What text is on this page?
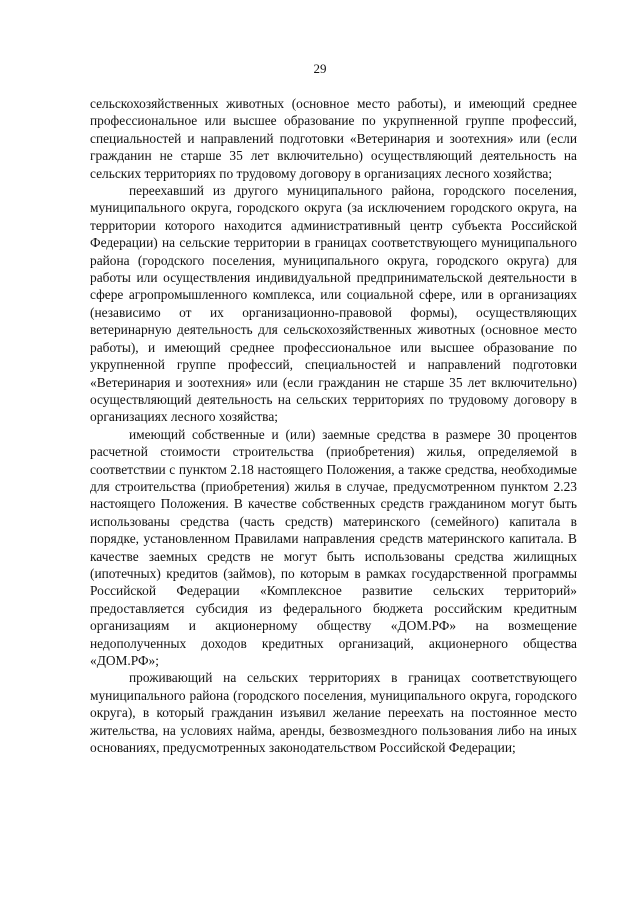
29

сельскохозяйственных животных (основное место работы), и имеющий среднее профессиональное или высшее образование по укрупненной группе профессий, специальностей и направлений подготовки «Ветеринария и зоотехния» или (если гражданин не старше 35 лет включительно) осуществляющий деятельность на сельских территориях по трудовому договору в организациях лесного хозяйства;

переехавший из другого муниципального района, городского поселения, муниципального округа, городского округа (за исключением городского округа, на территории которого находится административный центр субъекта Российской Федерации) на сельские территории в границах соответствующего муниципального района (городского поселения, муниципального округа, городского округа) для работы или осуществления индивидуальной предпринимательской деятельности в сфере агропромышленного комплекса, или социальной сфере, или в организациях (независимо от их организационно-правовой формы), осуществляющих ветеринарную деятельность для сельскохозяйственных животных (основное место работы), и имеющий среднее профессиональное или высшее образование по укрупненной группе профессий, специальностей и направлений подготовки «Ветеринария и зоотехния» или (если гражданин не старше 35 лет включительно) осуществляющий деятельность на сельских территориях по трудовому договору в организациях лесного хозяйства;

имеющий собственные и (или) заемные средства в размере 30 процентов расчетной стоимости строительства (приобретения) жилья, определяемой в соответствии с пунктом 2.18 настоящего Положения, а также средства, необходимые для строительства (приобретения) жилья в случае, предусмотренном пунктом 2.23 настоящего Положения. В качестве собственных средств гражданином могут быть использованы средства (часть средств) материнского (семейного) капитала в порядке, установленном Правилами направления средств материнского капитала. В качестве заемных средств не могут быть использованы средства жилищных (ипотечных) кредитов (займов), по которым в рамках государственной программы Российской Федерации «Комплексное развитие сельских территорий» предоставляется субсидия из федерального бюджета российским кредитным организациям и акционерному обществу «ДОМ.РФ» на возмещение недополученных доходов кредитных организаций, акционерного общества «ДОМ.РФ»;

проживающий на сельских территориях в границах соответствующего муниципального района (городского поселения, муниципального округа, городского округа), в который гражданин изъявил желание переехать на постоянное место жительства, на условиях найма, аренды, безвозмездного пользования либо на иных основаниях, предусмотренных законодательством Российской Федерации;
